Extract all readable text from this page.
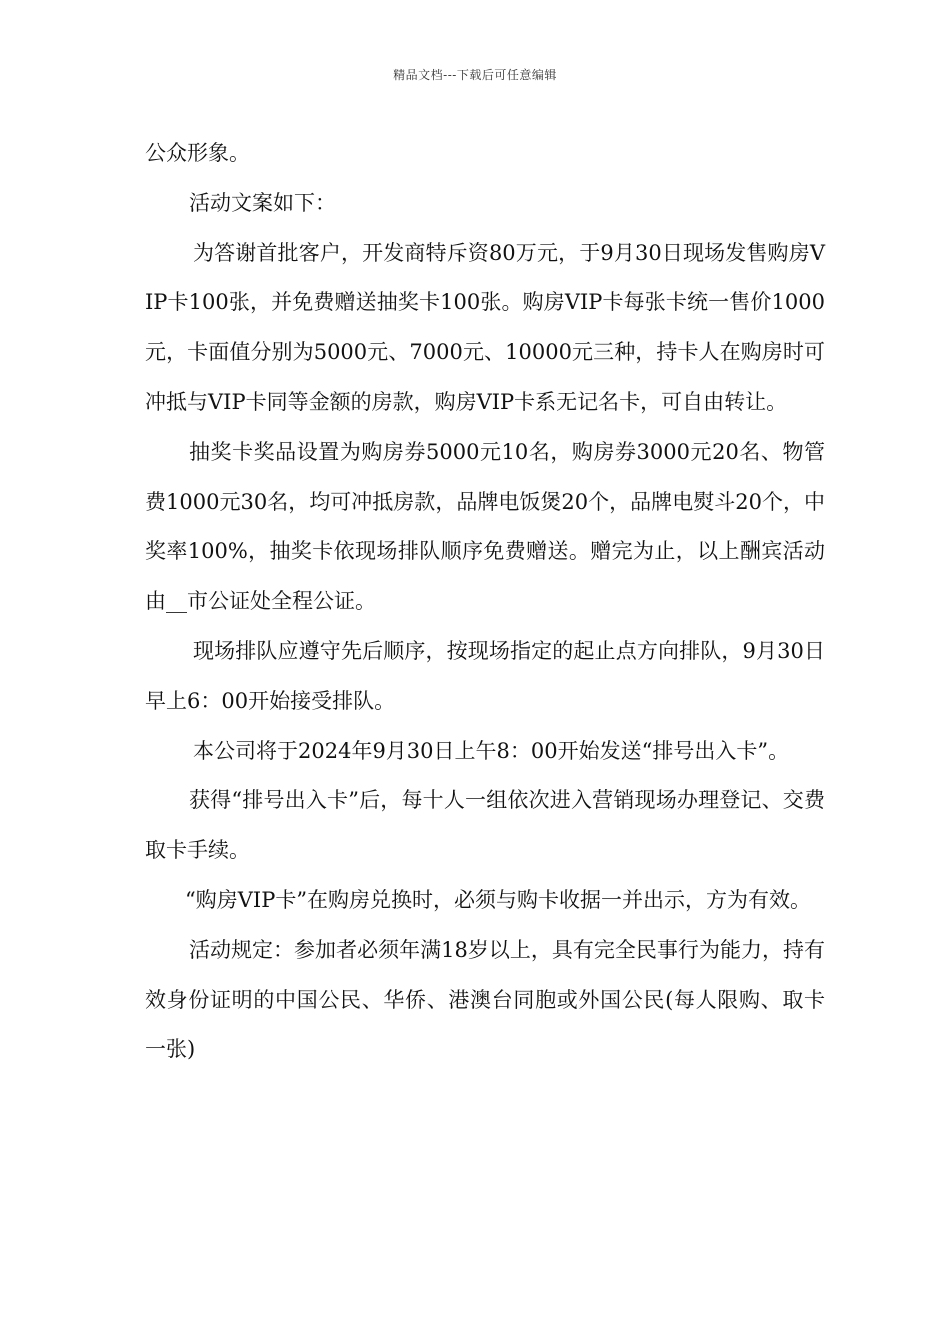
精品文档---下载后可任意编辑

公众形象。

活动文案如下：

为答谢首批客户，开发商特斥资80万元，于9月30日现场发售购房VIP卡100张，并免费赠送抽奖卡100张。购房VIP卡每张卡统一售价1000元，卡面值分别为5000元、7000元、10000元三种，持卡人在购房时可冲抵与VIP卡同等金额的房款，购房VIP卡系无记名卡，可自由转让。

抽奖卡奖品设置为购房券5000元10名，购房券3000元20名、物管费1000元30名，均可冲抵房款，品牌电饭煲20个，品牌电熨斗20个，中奖率100%，抽奖卡依现场排队顺序免费赠送。赠完为止，以上酬宾活动由__市公证处全程公证。

现场排队应遵守先后顺序，按现场指定的起止点方向排队，9月30日早上6：00开始接受排队。

本公司将于2024年9月30日上午8：00开始发送“排号出入卡”。

获得“排号出入卡”后，每十人一组依次进入营销现场办理登记、交费取卡手续。

“购房VIP卡”在购房兑换时，必须与购卡收据一并出示，方为有效。

活动规定：参加者必须年满18岁以上，具有完全民事行为能力，持有效身份证明的中国公民、华侨、港澳台同胞或外国公民(每人限购、取卡一张)
